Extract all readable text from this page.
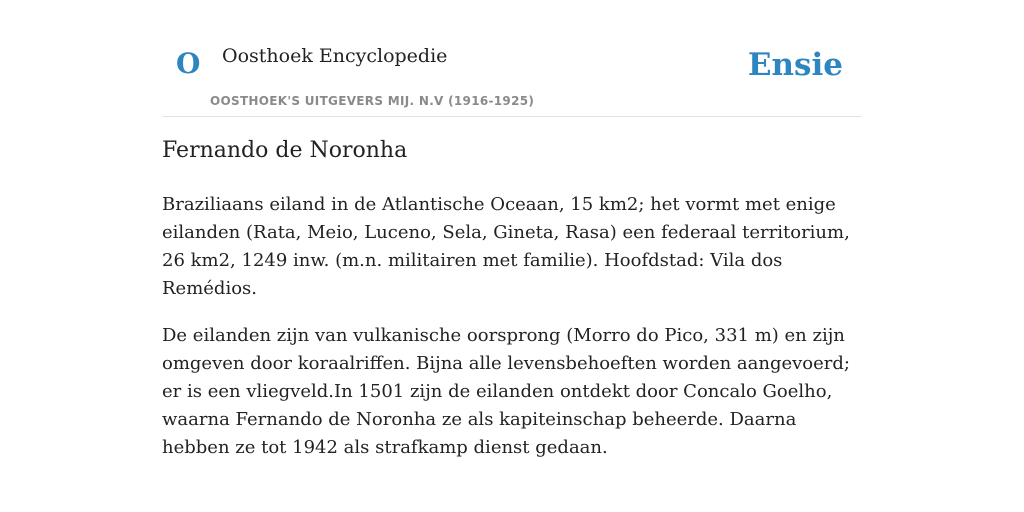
O Oosthoek Encyclopedie
OOSTHOEK'S UITGEVERS MIJ. N.V (1916-1925)
Ensie
Fernando de Noronha

Braziliaans eiland in de Atlantische Oceaan, 15 km2; het vormt met enige eilanden (Rata, Meio, Luceno, Sela, Gineta, Rasa) een federaal territorium, 26 km2, 1249 inw. (m.n. militairen met familie). Hoofdstad: Vila dos Remédios.

De eilanden zijn van vulkanische oorsprong (Morro do Pico, 331 m) en zijn omgeven door koraalriffen. Bijna alle levensbehoeften worden aangevoerd; er is een vliegveld.In 1501 zijn de eilanden ontdekt door Concalo Goelho, waarna Fernando de Noronha ze als kapiteinschap beheerde. Daarna hebben ze tot 1942 als strafkamp dienst gedaan.
